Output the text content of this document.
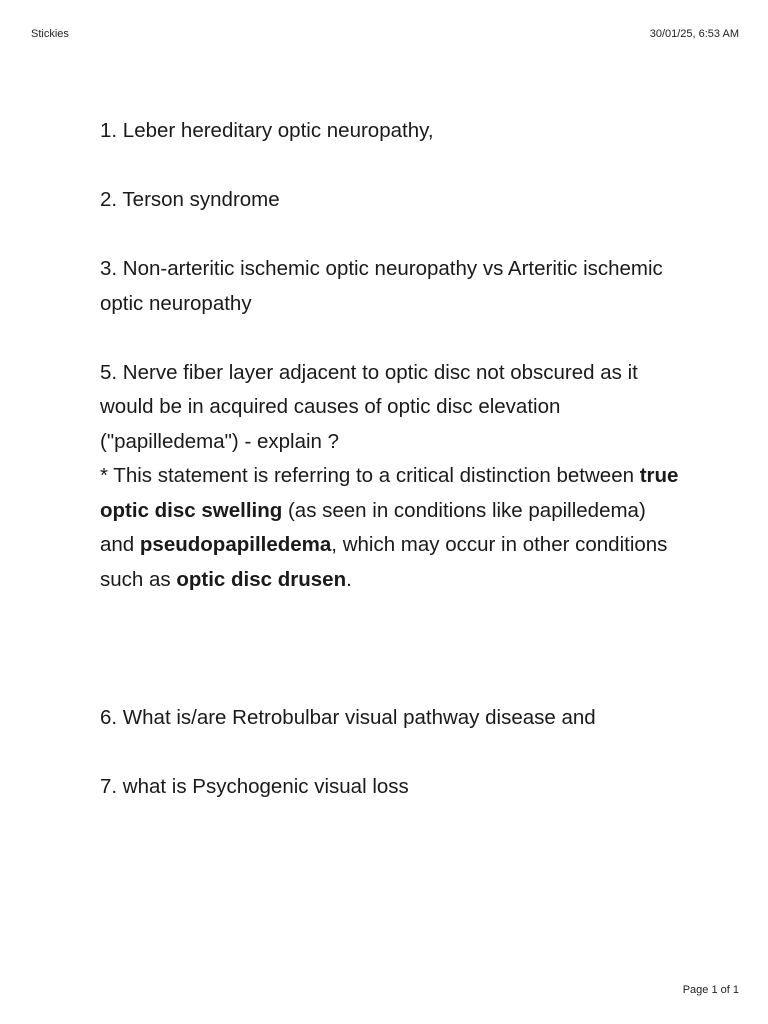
Stickies	30/01/25, 6:53 AM

1. Leber hereditary optic neuropathy,

2. Terson syndrome

3. Non-arteritic ischemic optic neuropathy vs Arteritic ischemic optic neuropathy

5. Nerve fiber layer adjacent to optic disc not obscured as it would be in acquired causes of optic disc elevation ("papilledema") - explain ?

* This statement is referring to a critical distinction between true optic disc swelling (as seen in conditions like papilledema) and pseudopapilledema, which may occur in other conditions such as optic disc drusen.

6. What is/are Retrobulbar visual pathway disease and

7. what is Psychogenic visual loss

Page 1 of 1
